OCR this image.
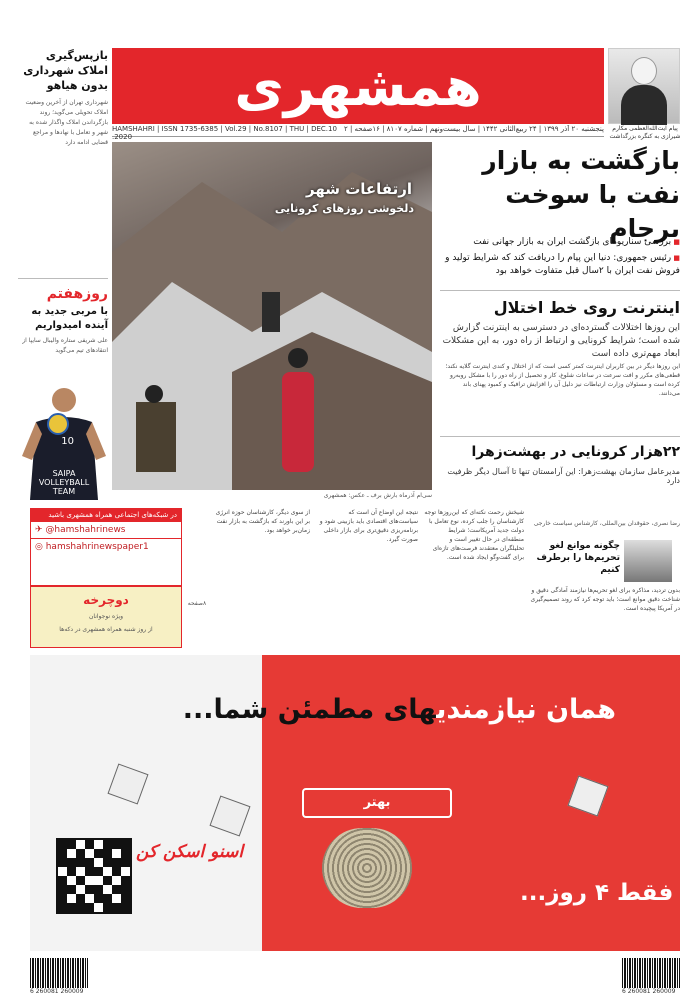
همشهری
HAMSHAHRI | ISSN 1735-6385 | Vol.29 | No.8107 | THU | DEC.10 .2020
پنجشنبه ۲۰ آذر ۱۳۹۹ | ۲۴ ربیع‌الثانی ۱۴۴۲ | سال بیست‌ونهم | شماره ۸۱۰۷ | ۱۶صفحه | ۲	پیام آیت‌الله‌العظمی مکارم شیرازی به کنگره بزرگداشت
بازپس‌گیری املاک شهرداری بدون هیاهو
شهرداری تهران از آخرین وضعیت املاک تحویلی می‌گوید؛ روند بازگرداندن املاک واگذار شده به شهر و تعامل با نهادها و مراجع قضایی ادامه دارد
روزهفتم
با مربی جدید به آینده امیدواریم
علی شریفی ستاره والیبال سایپا از انتقادهای تیم می‌گوید
10
SAIPA VOLLEYBALL TEAM
ارتفاعات شهر
دلخوشی روزهای کرونایی
سی‌ام آذرماه بارش برف ـ عکس: همشهری
بازگشت به بازار نفت با سوخت برجام
■ بررسی سناریوهای بازگشت ایران به بازار جهانی نفت
■ رئیس جمهوری: دنیا این پیام را دریافت کند که شرایط تولید و فروش نفت ایران با ۲سال قبل متفاوت خواهد بود
اینترنت روی خط اختلال
این روزها اختلالات گسترده‌ای در دسترسی به اینترنت گزارش شده است؛ شرایط کرونایی و ارتباط از راه دور، به این مشکلات ابعاد مهم‌تری داده است
این روزها دیگر در بین کاربران اینترنت کمتر کسی است که از اختلال و کندی اینترنت گلایه نکند؛ قطعی‌های مکرر و افت سرعت در ساعات شلوغ، کار و تحصیل از راه دور را با مشکل روبه‌رو کرده است و مسئولان وزارت ارتباطات نیز دلیل آن را افزایش ترافیک و کمبود پهنای باند می‌دانند.
۲۲هزار کرونایی در بهشت‌زهرا
مدیرعامل سازمان بهشت‌زهرا: این آرامستان تنها تا آسال دیگر ظرفیت دارد
در شبکه‌های اجتماعی همراه همشهری باشید
✈ @hamshahrinews
◎ hamshahrinewspaper1
دوچرخه
ویژه نوجوانان
از روز شنبه همراه همشهری در دکه‌ها
۸صفحه
از سوی دیگر، کارشناسان حوزه انرژی بر این باورند که بازگشت به بازار نفت زمان‌بر خواهد بود.
نتیجه این اوضاع آن است که سیاست‌های اقتصادی باید بازبینی شود و برنامه‌ریزی دقیق‌تری برای بازار داخلی صورت گیرد.
شیخش رحمت نکته‌ای که این‌روزها توجه کارشناسان را جلب کرده، نوع تعامل با دولت جدید آمریکاست؛ شرایط منطقه‌ای در حال تغییر است و تحلیلگران معتقدند فرصت‌های تازه‌ای برای گفت‌وگو ایجاد شده است.
رضا نصری، حقوقدان بین‌المللی، کارشناس سیاست خارجی
چگونه موانع لغو تحریم‌ها را برطرف کنیم
بدون تردید، مذاکره برای لغو تحریم‌ها نیازمند آمادگی دقیق و شناخت دقیق موانع است؛ باید توجه کرد که روند تصمیم‌گیری در آمریکا پیچیده است.
همان نیازمندیهای مطمئن شما...
بهتر
اسنو اسکن کن
فقط ۴ روز...
6 260081 260009	6 260081 260009
